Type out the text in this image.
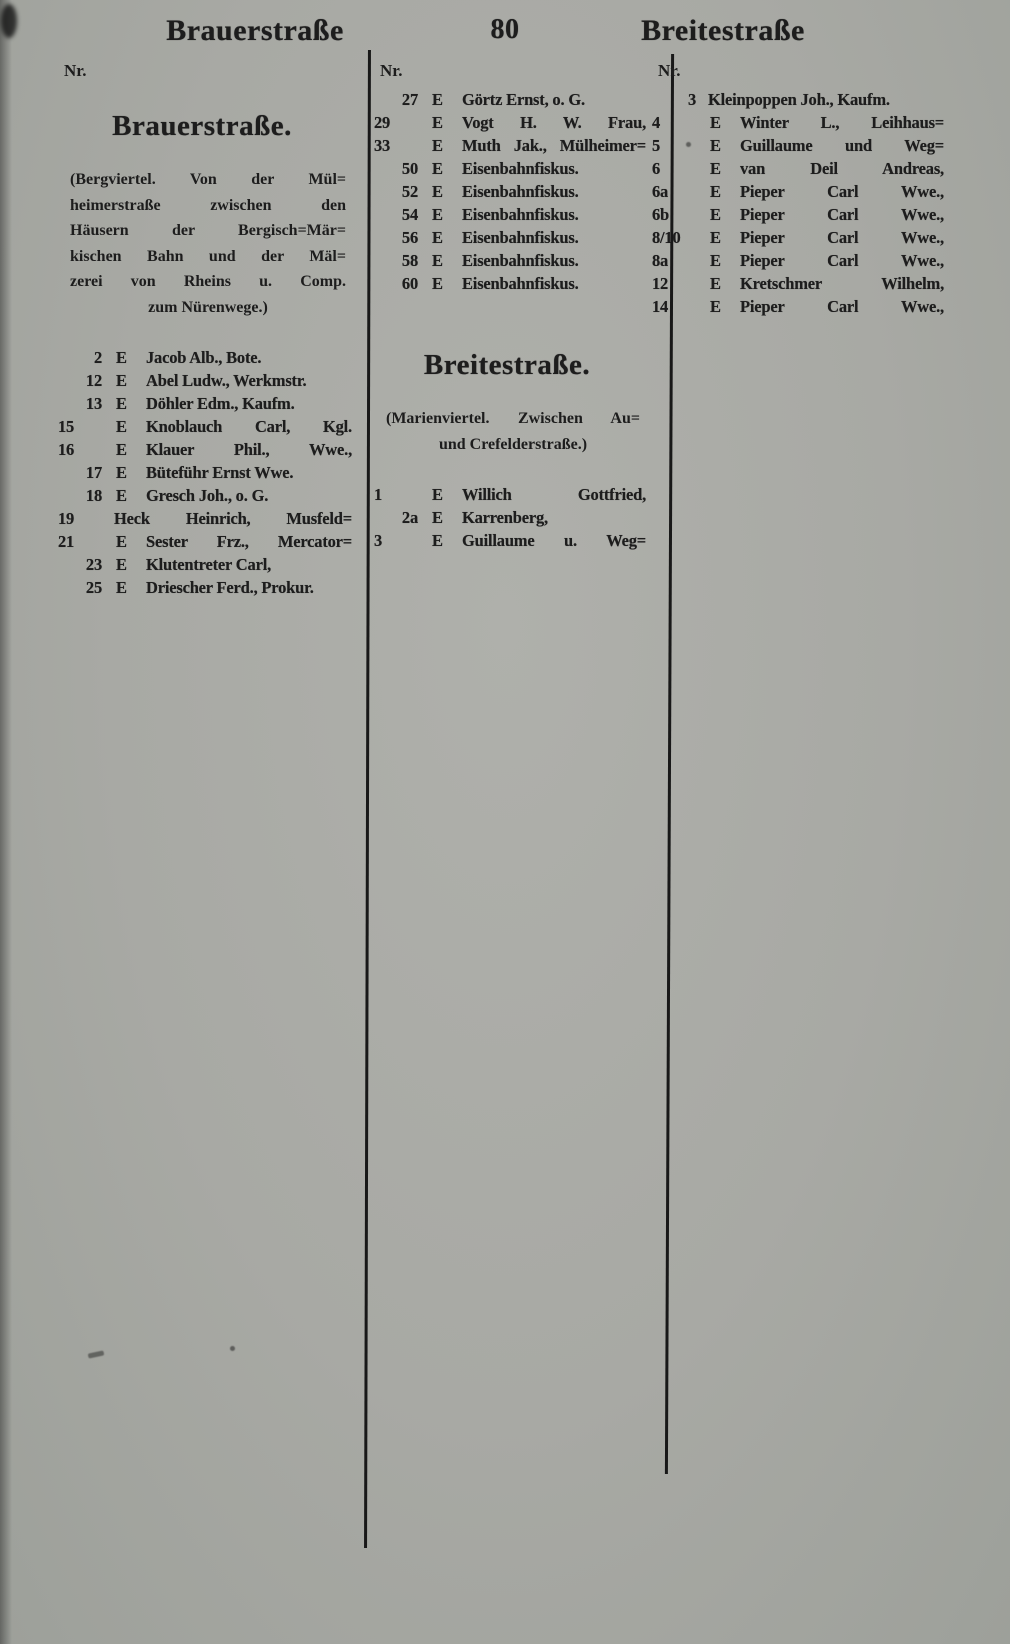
Brauerstraße	80	Breitestraße
Nr.
Brauerstraße.
(Bergviertel. Von der Mül=
heimerstraße zwischen den
Häusern der Bergisch=Mär=
kischen Bahn und der Mäl=
zerei von Rheins u. Comp.
zum Nürenwege.)
2 E Jacob Alb., Bote.
12 E Abel Ludw., Werkmstr.
13 E Döhler Edm., Kaufm.
15	E Knoblauch Carl, Kgl.
16	E Klauer Phil., Wwe.,
17 E Büteführ Ernst Wwe.
18 E Gresch Joh., o. G.
19	Heck Heinrich, Musfeld=
21	E Sester Frz., Mercator=
23 E Klutentreter Carl,
25 E Driescher Ferd., Prokur.
Nr.
27 E Görtz Ernst, o. G.
29	E Vogt H. W. Frau,
33	E Muth Jak., Mülheimer=
50 E Eisenbahnfiskus.
52 E Eisenbahnfiskus.
54 E Eisenbahnfiskus.
56 E Eisenbahnfiskus.
58 E Eisenbahnfiskus.
60 E Eisenbahnfiskus.
Breitestraße.
(Marienviertel. Zwischen Au=
und Crefelderstraße.)
1	E Willich Gottfried,
2a E Karrenberg,
3	E Guillaume u. Weg=
Nr.
3 Kleinpoppen Joh., Kaufm.
4	E Winter L., Leihhaus=
5	E Guillaume und Weg=
6	E van Deil Andreas,
6a	E Pieper Carl Wwe.,
6b	E Pieper Carl Wwe.,
8/10	E Pieper Carl Wwe.,
8a	E Pieper Carl Wwe.,
12	E Kretschmer Wilhelm,
14	E Pieper Carl Wwe.,
